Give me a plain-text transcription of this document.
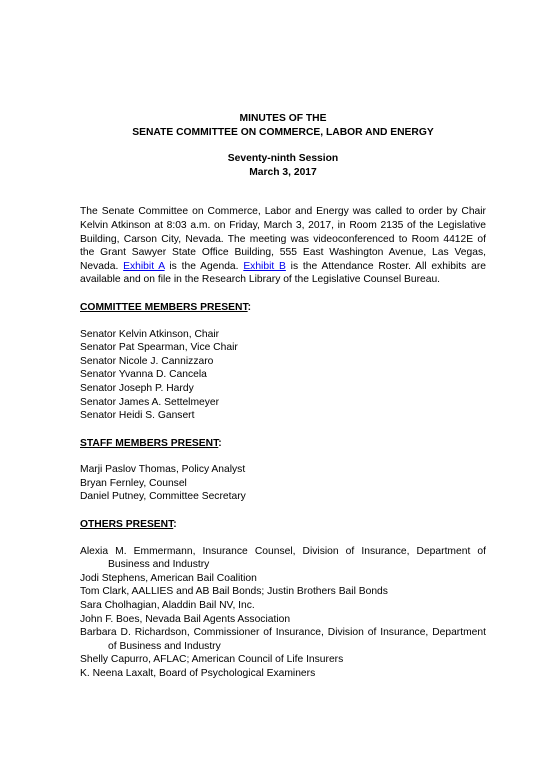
MINUTES OF THE
SENATE COMMITTEE ON COMMERCE, LABOR AND ENERGY
Seventy-ninth Session
March 3, 2017

The Senate Committee on Commerce, Labor and Energy was called to order by Chair Kelvin Atkinson at 8:03 a.m. on Friday, March 3, 2017, in Room 2135 of the Legislative Building, Carson City, Nevada. The meeting was videoconferenced to Room 4412E of the Grant Sawyer State Office Building, 555 East Washington Avenue, Las Vegas, Nevada. Exhibit A is the Agenda. Exhibit B is the Attendance Roster. All exhibits are available and on file in the Research Library of the Legislative Counsel Bureau.

COMMITTEE MEMBERS PRESENT:
Senator Kelvin Atkinson, Chair
Senator Pat Spearman, Vice Chair
Senator Nicole J. Cannizzaro
Senator Yvanna D. Cancela
Senator Joseph P. Hardy
Senator James A. Settelmeyer
Senator Heidi S. Gansert
STAFF MEMBERS PRESENT:
Marji Paslov Thomas, Policy Analyst
Bryan Fernley, Counsel
Daniel Putney, Committee Secretary
OTHERS PRESENT:
Alexia M. Emmermann, Insurance Counsel, Division of Insurance, Department of Business and Industry
Jodi Stephens, American Bail Coalition
Tom Clark, AALLIES and AB Bail Bonds; Justin Brothers Bail Bonds
Sara Cholhagian, Aladdin Bail NV, Inc.
John F. Boes, Nevada Bail Agents Association
Barbara D. Richardson, Commissioner of Insurance, Division of Insurance, Department of Business and Industry
Shelly Capurro, AFLAC; American Council of Life Insurers
K. Neena Laxalt, Board of Psychological Examiners
